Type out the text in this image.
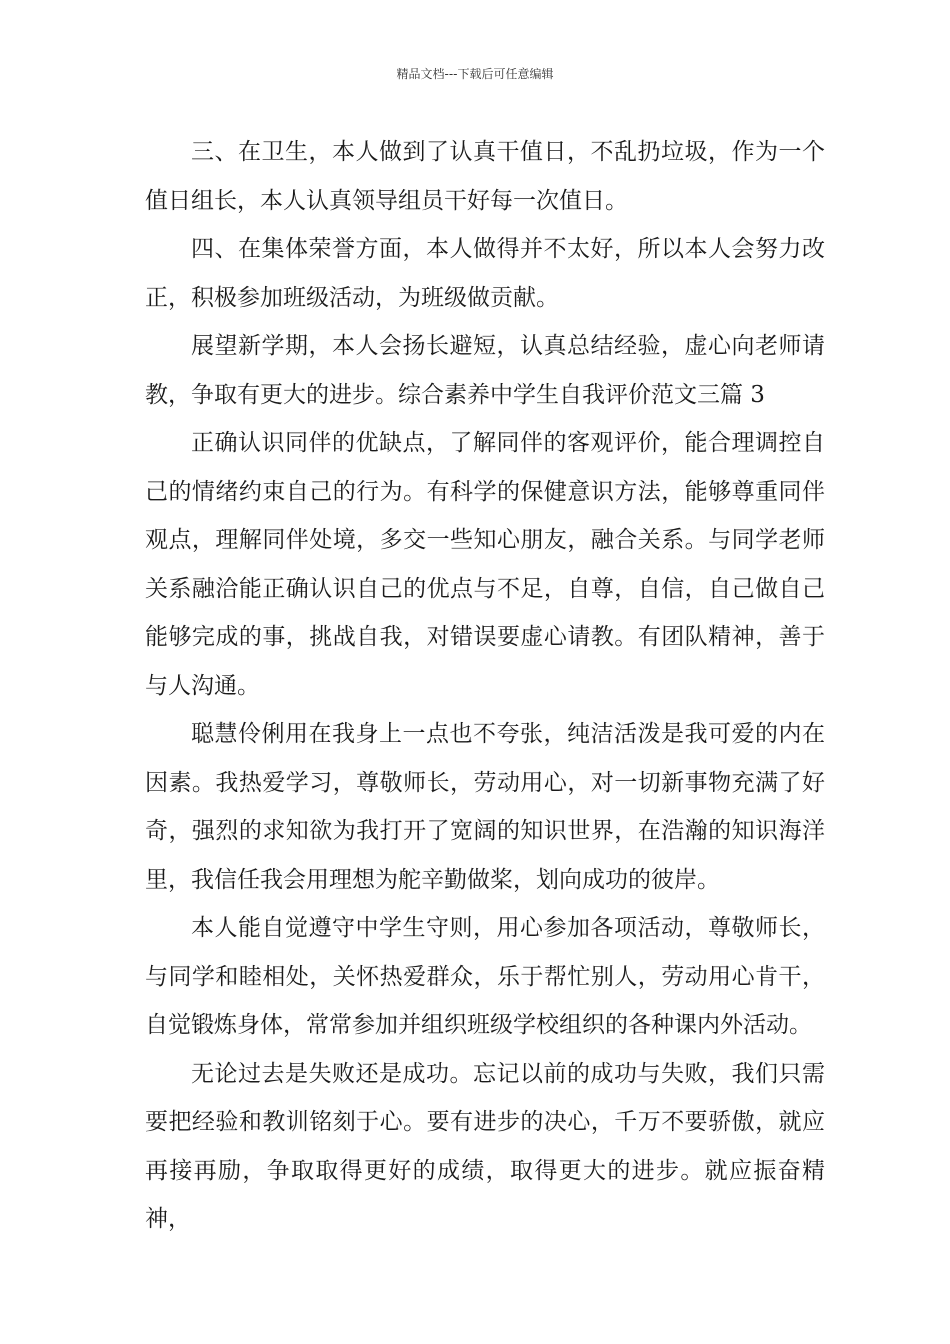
精品文档---下载后可任意编辑

三、在卫生，本人做到了认真干值日，不乱扔垃圾，作为一个值日组长，本人认真领导组员干好每一次值日。

四、在集体荣誉方面，本人做得并不太好，所以本人会努力改正，积极参加班级活动，为班级做贡献。

展望新学期，本人会扬长避短，认真总结经验，虚心向老师请教，争取有更大的进步。综合素养中学生自我评价范文三篇 3

正确认识同伴的优缺点，了解同伴的客观评价，能合理调控自己的情绪约束自己的行为。有科学的保健意识方法，能够尊重同伴观点，理解同伴处境，多交一些知心朋友，融合关系。与同学老师关系融洽能正确认识自己的优点与不足，自尊，自信，自己做自己能够完成的事，挑战自我，对错误要虚心请教。有团队精神，善于与人沟通。

聪慧伶俐用在我身上一点也不夸张，纯洁活泼是我可爱的内在因素。我热爱学习，尊敬师长，劳动用心，对一切新事物充满了好奇，强烈的求知欲为我打开了宽阔的知识世界，在浩瀚的知识海洋里，我信任我会用理想为舵辛勤做桨，划向成功的彼岸。

本人能自觉遵守中学生守则，用心参加各项活动，尊敬师长，与同学和睦相处，关怀热爱群众，乐于帮忙别人，劳动用心肯干，自觉锻炼身体，常常参加并组织班级学校组织的各种课内外活动。

无论过去是失败还是成功。忘记以前的成功与失败，我们只需要把经验和教训铭刻于心。要有进步的决心，千万不要骄傲，就应再接再励，争取取得更好的成绩，取得更大的进步。就应振奋精神，
